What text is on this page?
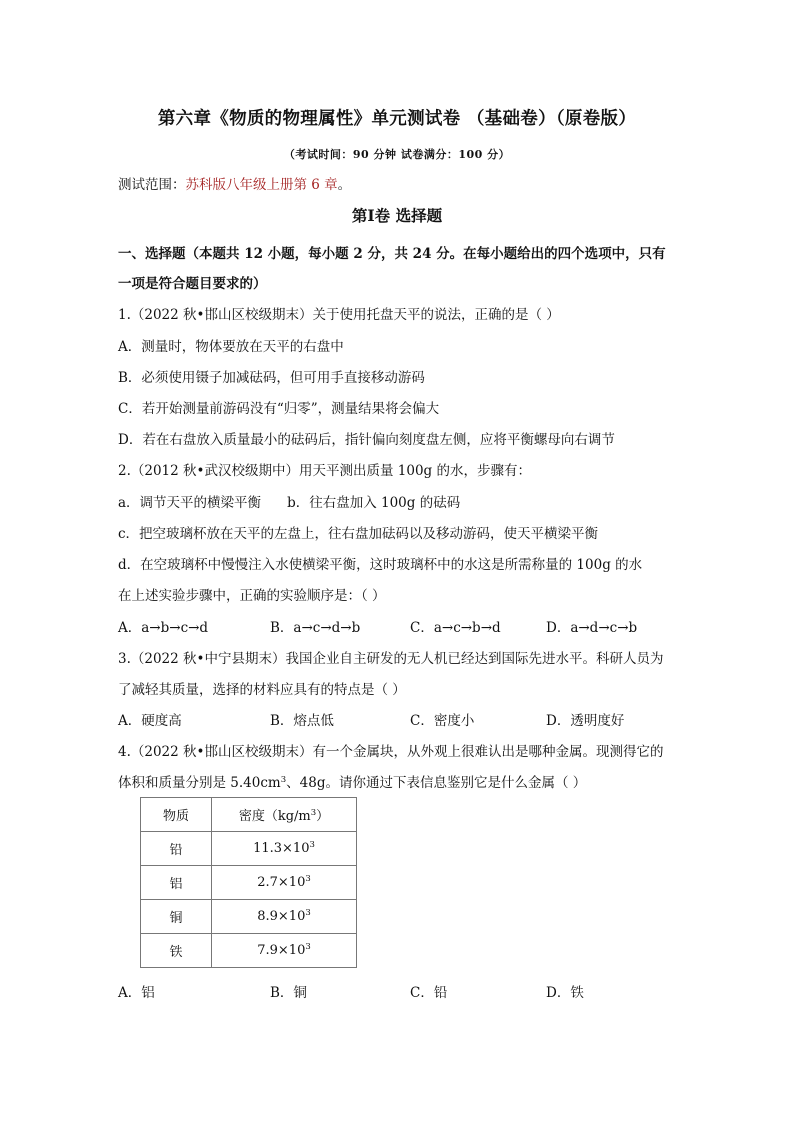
第六章《物质的物理属性》单元测试卷 （基础卷）（原卷版）
（考试时间：90 分钟 试卷满分：100 分）
测试范围：苏科版八年级上册第 6 章。
第Ⅰ卷 选择题
一、选择题（本题共 12 小题，每小题 2 分，共 24 分。在每小题给出的四个选项中，只有
一项是符合题目要求的）
1.（2022 秋•邯山区校级期末）关于使用托盘天平的说法，正确的是（ ）
A．测量时，物体要放在天平的右盘中
B．必须使用镊子加减砝码，但可用手直接移动游码
C．若开始测量前游码没有“归零”，测量结果将会偏大
D．若在右盘放入质量最小的砝码后，指针偏向刻度盘左侧，应将平衡螺母向右调节
2.（2012 秋•武汉校级期中）用天平测出质量 100g 的水，步骤有：
a．调节天平的横梁平衡 b．往右盘加入 100g 的砝码
c．把空玻璃杯放在天平的左盘上，往右盘加砝码以及移动游码，使天平横梁平衡
d．在空玻璃杯中慢慢注入水使横梁平衡，这时玻璃杯中的水这是所需称量的 100g 的水
在上述实验步骤中，正确的实验顺序是：（ ）
A．a→b→c→d	B．a→c→d→b	C．a→c→b→d	D．a→d→c→b
3.（2022 秋•中宁县期末）我国企业自主研发的无人机已经达到国际先进水平。科研人员为
了减轻其质量，选择的材料应具有的特点是（ ）
A．硬度高	B．熔点低	C．密度小	D．透明度好
4.（2022 秋•邯山区校级期末）有一个金属块，从外观上很难认出是哪种金属。现测得它的
体积和质量分别是 $5.40cm^3$、48g。请你通过下表信息鉴别它是什么金属（ ）
物质	密度$(kg/m^3)$
铅	$11.3\times 10^3$
铝	$2.7\times 10^3$
铜	$8.9\times 10^3$
铁	$7.9\times 10^3$
A．铝	B．铜	C．铅	D．铁
